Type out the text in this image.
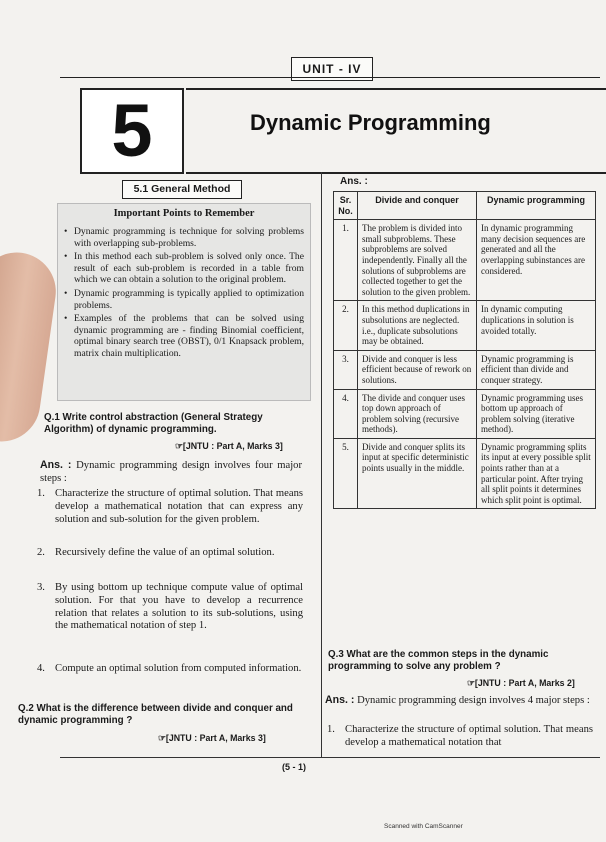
UNIT - IV
5	Dynamic Programming
5.1 General Method
Important Points to Remember
• Dynamic programming is technique for solving problems with overlapping sub-problems.
• In this method each sub-problem is solved only once. The result of each sub-problem is recorded in a table from which we can obtain a solution to the original problem.
• Dynamic programming is typically applied to optimization problems.
• Examples of the problems that can be solved using dynamic programming are - finding Binomial coefficient, optimal binary search tree (OBST), 0/1 Knapsack problem, matrix chain multiplication.
Q.1 Write control abstraction (General Strategy Algorithm) of dynamic programming.
☞[JNTU : Part A, Marks 3]
Ans. : Dynamic programming design involves four major steps :
1. Characterize the structure of optimal solution. That means develop a mathematical notation that can express any solution and sub-solution for the given problem.
2. Recursively define the value of an optimal solution.
3. By using bottom up technique compute value of optimal solution. For that you have to develop a recurrence relation that relates a solution to its sub-solutions, using the mathematical notation of step 1.
4. Compute an optimal solution from computed information.
Q.2 What is the difference between divide and conquer and dynamic programming ?
☞[JNTU : Part A, Marks 3]
Ans. :
Sr. No.	Divide and conquer	Dynamic programming
1.	The problem is divided into small subproblems. These subproblems are solved independently. Finally all the solutions of subproblems are collected together to get the solution to the given problem.	In dynamic programming many decision sequences are generated and all the overlapping subinstances are considered.
2.	In this method duplications in subsolutions are neglected. i.e., duplicate subsolutions may be obtained.	In dynamic computing duplications in solution is avoided totally.
3.	Divide and conquer is less efficient because of rework on solutions.	Dynamic programming is efficient than divide and conquer strategy.
4.	The divide and conquer uses top down approach of problem solving (recursive methods).	Dynamic programming uses bottom up approach of problem solving (iterative method).
5.	Divide and conquer splits its input at specific deterministic points usually in the middle.	Dynamic programming splits its input at every possible split points rather than at a particular point. After trying all split points it determines which split point is optimal.
Q.3 What are the common steps in the dynamic programming to solve any problem ?
☞[JNTU : Part A, Marks 2]
Ans. : Dynamic programming design involves 4 major steps :
1. Characterize the structure of optimal solution. That means develop a mathematical notation that
(5 - 1)
Scanned with CamScanner
